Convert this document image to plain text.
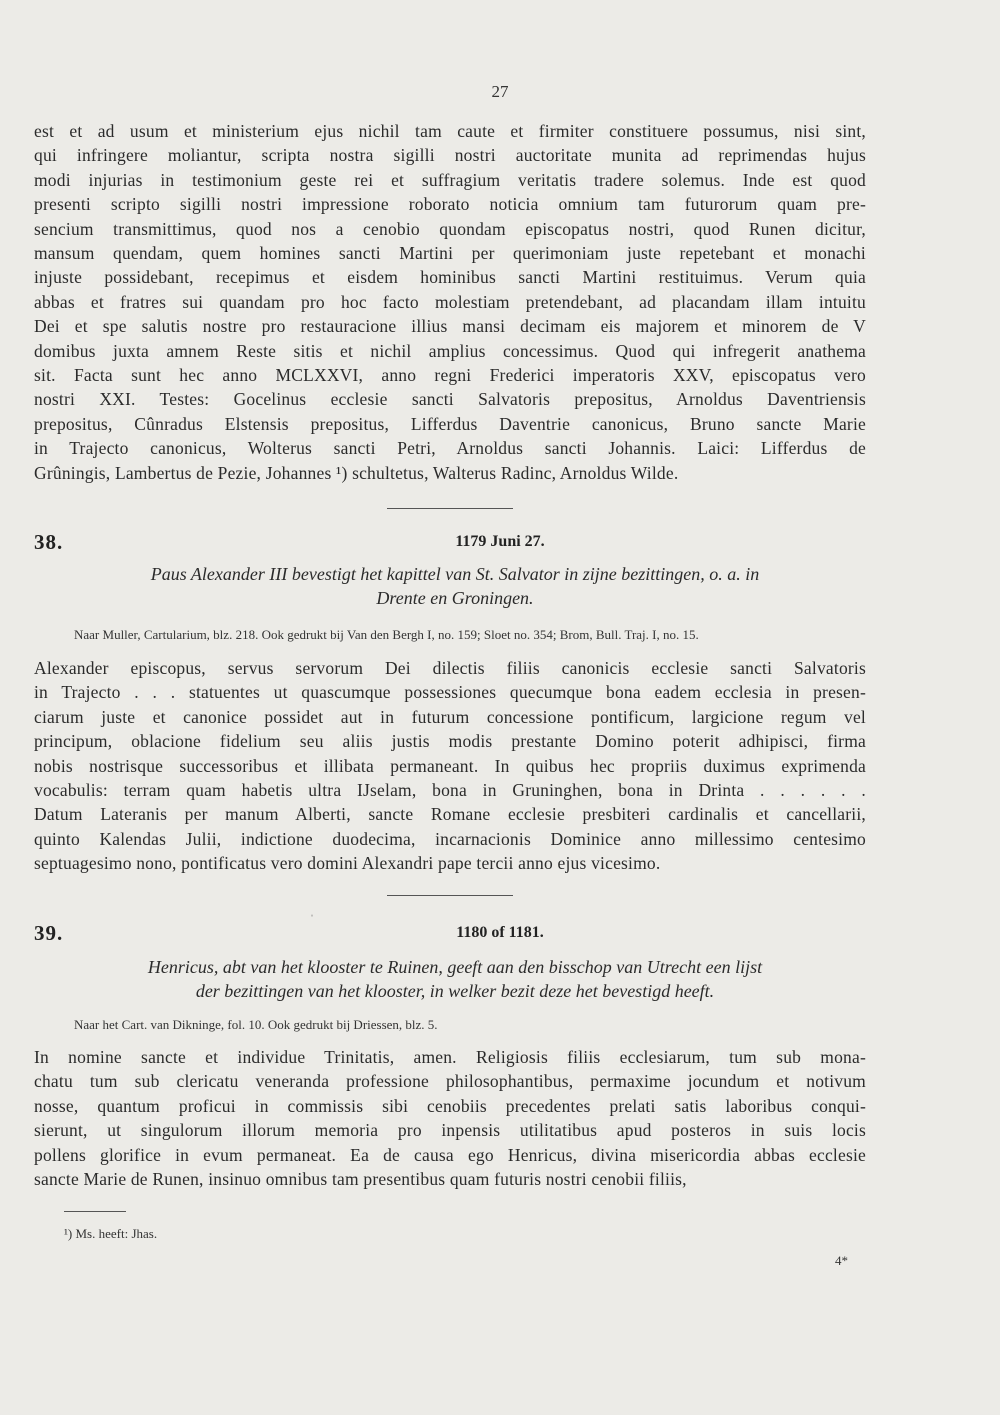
27
est et ad usum et ministerium ejus nichil tam caute et firmiter constituere possumus, nisi sint,
qui infringere moliantur, scripta nostra sigilli nostri auctoritate munita ad reprimendas hujus
modi injurias in testimonium geste rei et suffragium veritatis tradere solemus. Inde est quod
presenti scripto sigilli nostri impressione roborato noticia omnium tam futurorum quam pre-
sencium transmittimus, quod nos a cenobio quondam episcopatus nostri, quod Runen dicitur,
mansum quendam, quem homines sancti Martini per querimoniam juste repetebant et monachi
injuste possidebant, recepimus et eisdem hominibus sancti Martini restituimus. Verum quia
abbas et fratres sui quandam pro hoc facto molestiam pretendebant, ad placandam illam intuitu
Dei et spe salutis nostre pro restauracione illius mansi decimam eis majorem et minorem de V
domibus juxta amnem Reste sitis et nichil amplius concessimus. Quod qui infregerit anathema
sit. Facta sunt hec anno MCLXXVI, anno regni Frederici imperatoris XXV, episcopatus vero
nostri XXI. Testes: Gocelinus ecclesie sancti Salvatoris prepositus, Arnoldus Daventriensis
prepositus, Cûnradus Elstensis prepositus, Lifferdus Daventrie canonicus, Bruno sancte Marie
in Trajecto canonicus, Wolterus sancti Petri, Arnoldus sancti Johannis. Laici: Lifferdus de
Grûningis, Lambertus de Pezie, Johannes ¹) schultetus, Walterus Radinc, Arnoldus Wilde.
38.	1179 Juni 27.
Paus Alexander III bevestigt het kapittel van St. Salvator in zijne bezittingen, o. a. in
Drente en Groningen.
Naar Muller, Cartularium, blz. 218. Ook gedrukt bij Van den Bergh I, no. 159; Sloet no. 354; Brom, Bull. Traj. I, no. 15.
Alexander episcopus, servus servorum Dei dilectis filiis canonicis ecclesie sancti Salvatoris
in Trajecto . . . statuentes ut quascumque possessiones quecumque bona eadem ecclesia in presen-
ciarum juste et canonice possidet aut in futurum concessione pontificum, largicione regum vel
principum, oblacione fidelium seu aliis justis modis prestante Domino poterit adhipisci, firma
nobis nostrisque successoribus et illibata permaneant. In quibus hec propriis duximus exprimenda
vocabulis: terram quam habetis ultra IJselam, bona in Gruninghen, bona in Drinta . . . . . .
Datum Lateranis per manum Alberti, sancte Romane ecclesie presbiteri cardinalis et cancellarii,
quinto Kalendas Julii, indictione duodecima, incarnacionis Dominice anno millessimo centesimo
septuagesimo nono, pontificatus vero domini Alexandri pape tercii anno ejus vicesimo.
ˈ
39.	1180 of 1181.
Henricus, abt van het klooster te Ruinen, geeft aan den bisschop van Utrecht een lijst
der bezittingen van het klooster, in welker bezit deze het bevestigd heeft.
Naar het Cart. van Dikninge, fol. 10. Ook gedrukt bij Driessen, blz. 5.
In nomine sancte et individue Trinitatis, amen. Religiosis filiis ecclesiarum, tum sub mona-
chatu tum sub clericatu veneranda professione philosophantibus, permaxime jocundum et notivum
nosse, quantum proficui in commissis sibi cenobiis precedentes prelati satis laboribus conqui-
sierunt, ut singulorum illorum memoria pro inpensis utilitatibus apud posteros in suis locis
pollens glorifice in evum permaneat. Ea de causa ego Henricus, divina misericordia abbas ecclesie
sancte Marie de Runen, insinuo omnibus tam presentibus quam futuris nostri cenobii filiis,
¹) Ms. heeft: Jhas.
4*
